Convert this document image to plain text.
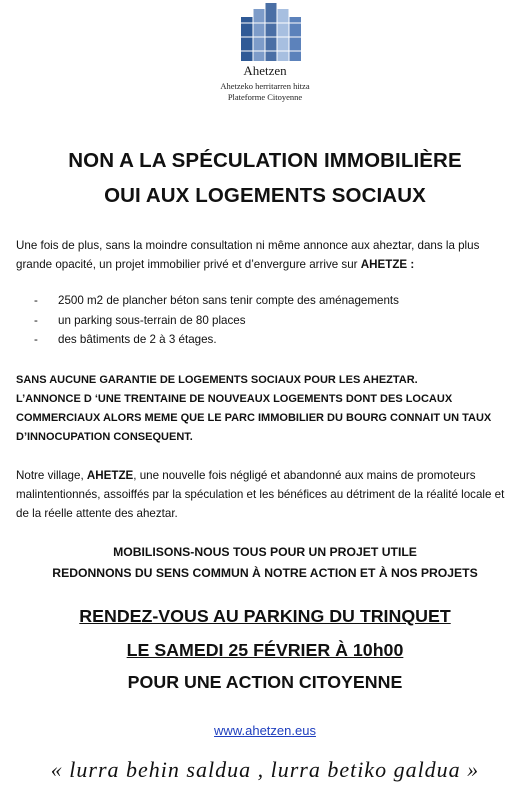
Ahetzen
Ahetzeko herritarren hitza
Plateforme Citoyenne
NON A LA SPÉCULATION IMMOBILIÈRE
OUI AUX LOGEMENTS SOCIAUX
Une fois de plus, sans la moindre consultation ni même annonce aux aheztar, dans la plus grande opacité, un projet immobilier privé et d’envergure arrive sur AHETZE :
- 2500 m2 de plancher béton sans tenir compte des aménagements
- un parking sous-terrain de 80 places
- des bâtiments de 2 à 3 étages.
SANS AUCUNE GARANTIE DE LOGEMENTS SOCIAUX POUR LES AHEZTAR.
L’ANNONCE D ‘UNE TRENTAINE DE NOUVEAUX LOGEMENTS DONT DES LOCAUX COMMERCIAUX ALORS MEME QUE LE PARC IMMOBILIER DU BOURG CONNAIT UN TAUX D’INNOCUPATION CONSEQUENT.
Notre village, AHETZE, une nouvelle fois négligé et abandonné aux mains de promoteurs malintentionnés, assoiffés par la spéculation et les bénéfices au détriment de la réalité locale et de la réelle attente des aheztar.
MOBILISONS-NOUS TOUS POUR UN PROJET UTILE
REDONNONS DU SENS COMMUN À NOTRE ACTION ET À NOS PROJETS
RENDEZ-VOUS AU PARKING DU TRINQUET
LE SAMEDI 25 FÉVRIER À 10h00
POUR UNE ACTION CITOYENNE
www.ahetzen.eus
« lurra behin saldua , lurra betiko galdua »
